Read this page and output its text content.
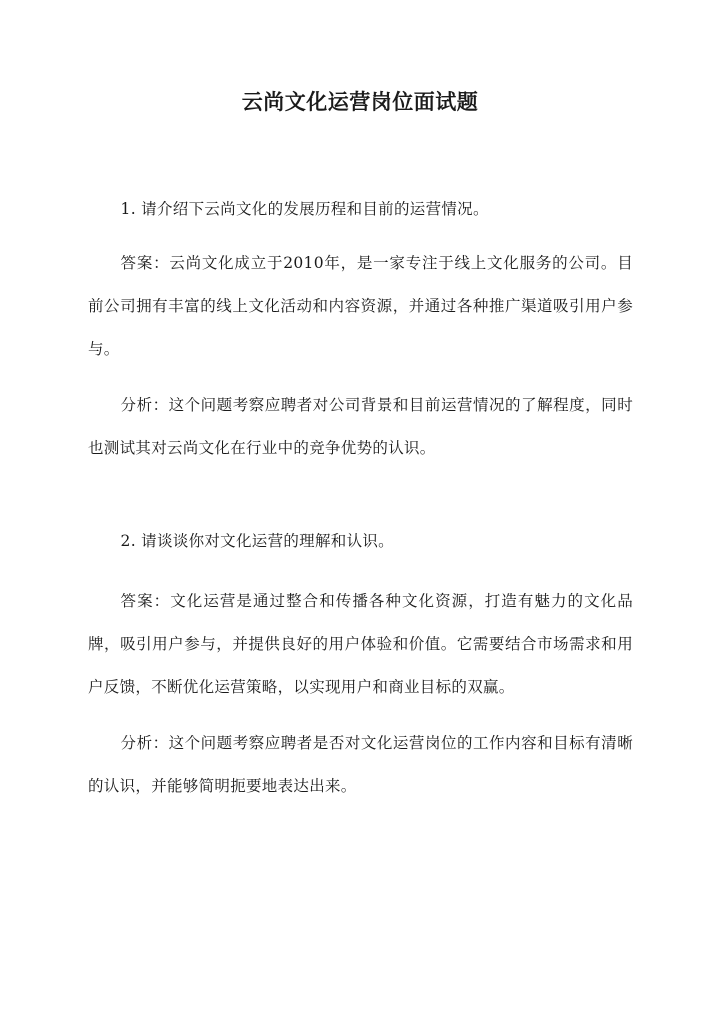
云尚文化运营岗位面试题

1. 请介绍下云尚文化的发展历程和目前的运营情况。

答案：云尚文化成立于2010年，是一家专注于线上文化服务的公司。目前公司拥有丰富的线上文化活动和内容资源，并通过各种推广渠道吸引用户参与。

分析：这个问题考察应聘者对公司背景和目前运营情况的了解程度，同时也测试其对云尚文化在行业中的竞争优势的认识。

2. 请谈谈你对文化运营的理解和认识。

答案：文化运营是通过整合和传播各种文化资源，打造有魅力的文化品牌，吸引用户参与，并提供良好的用户体验和价值。它需要结合市场需求和用户反馈，不断优化运营策略，以实现用户和商业目标的双赢。

分析：这个问题考察应聘者是否对文化运营岗位的工作内容和目标有清晰的认识，并能够简明扼要地表达出来。
